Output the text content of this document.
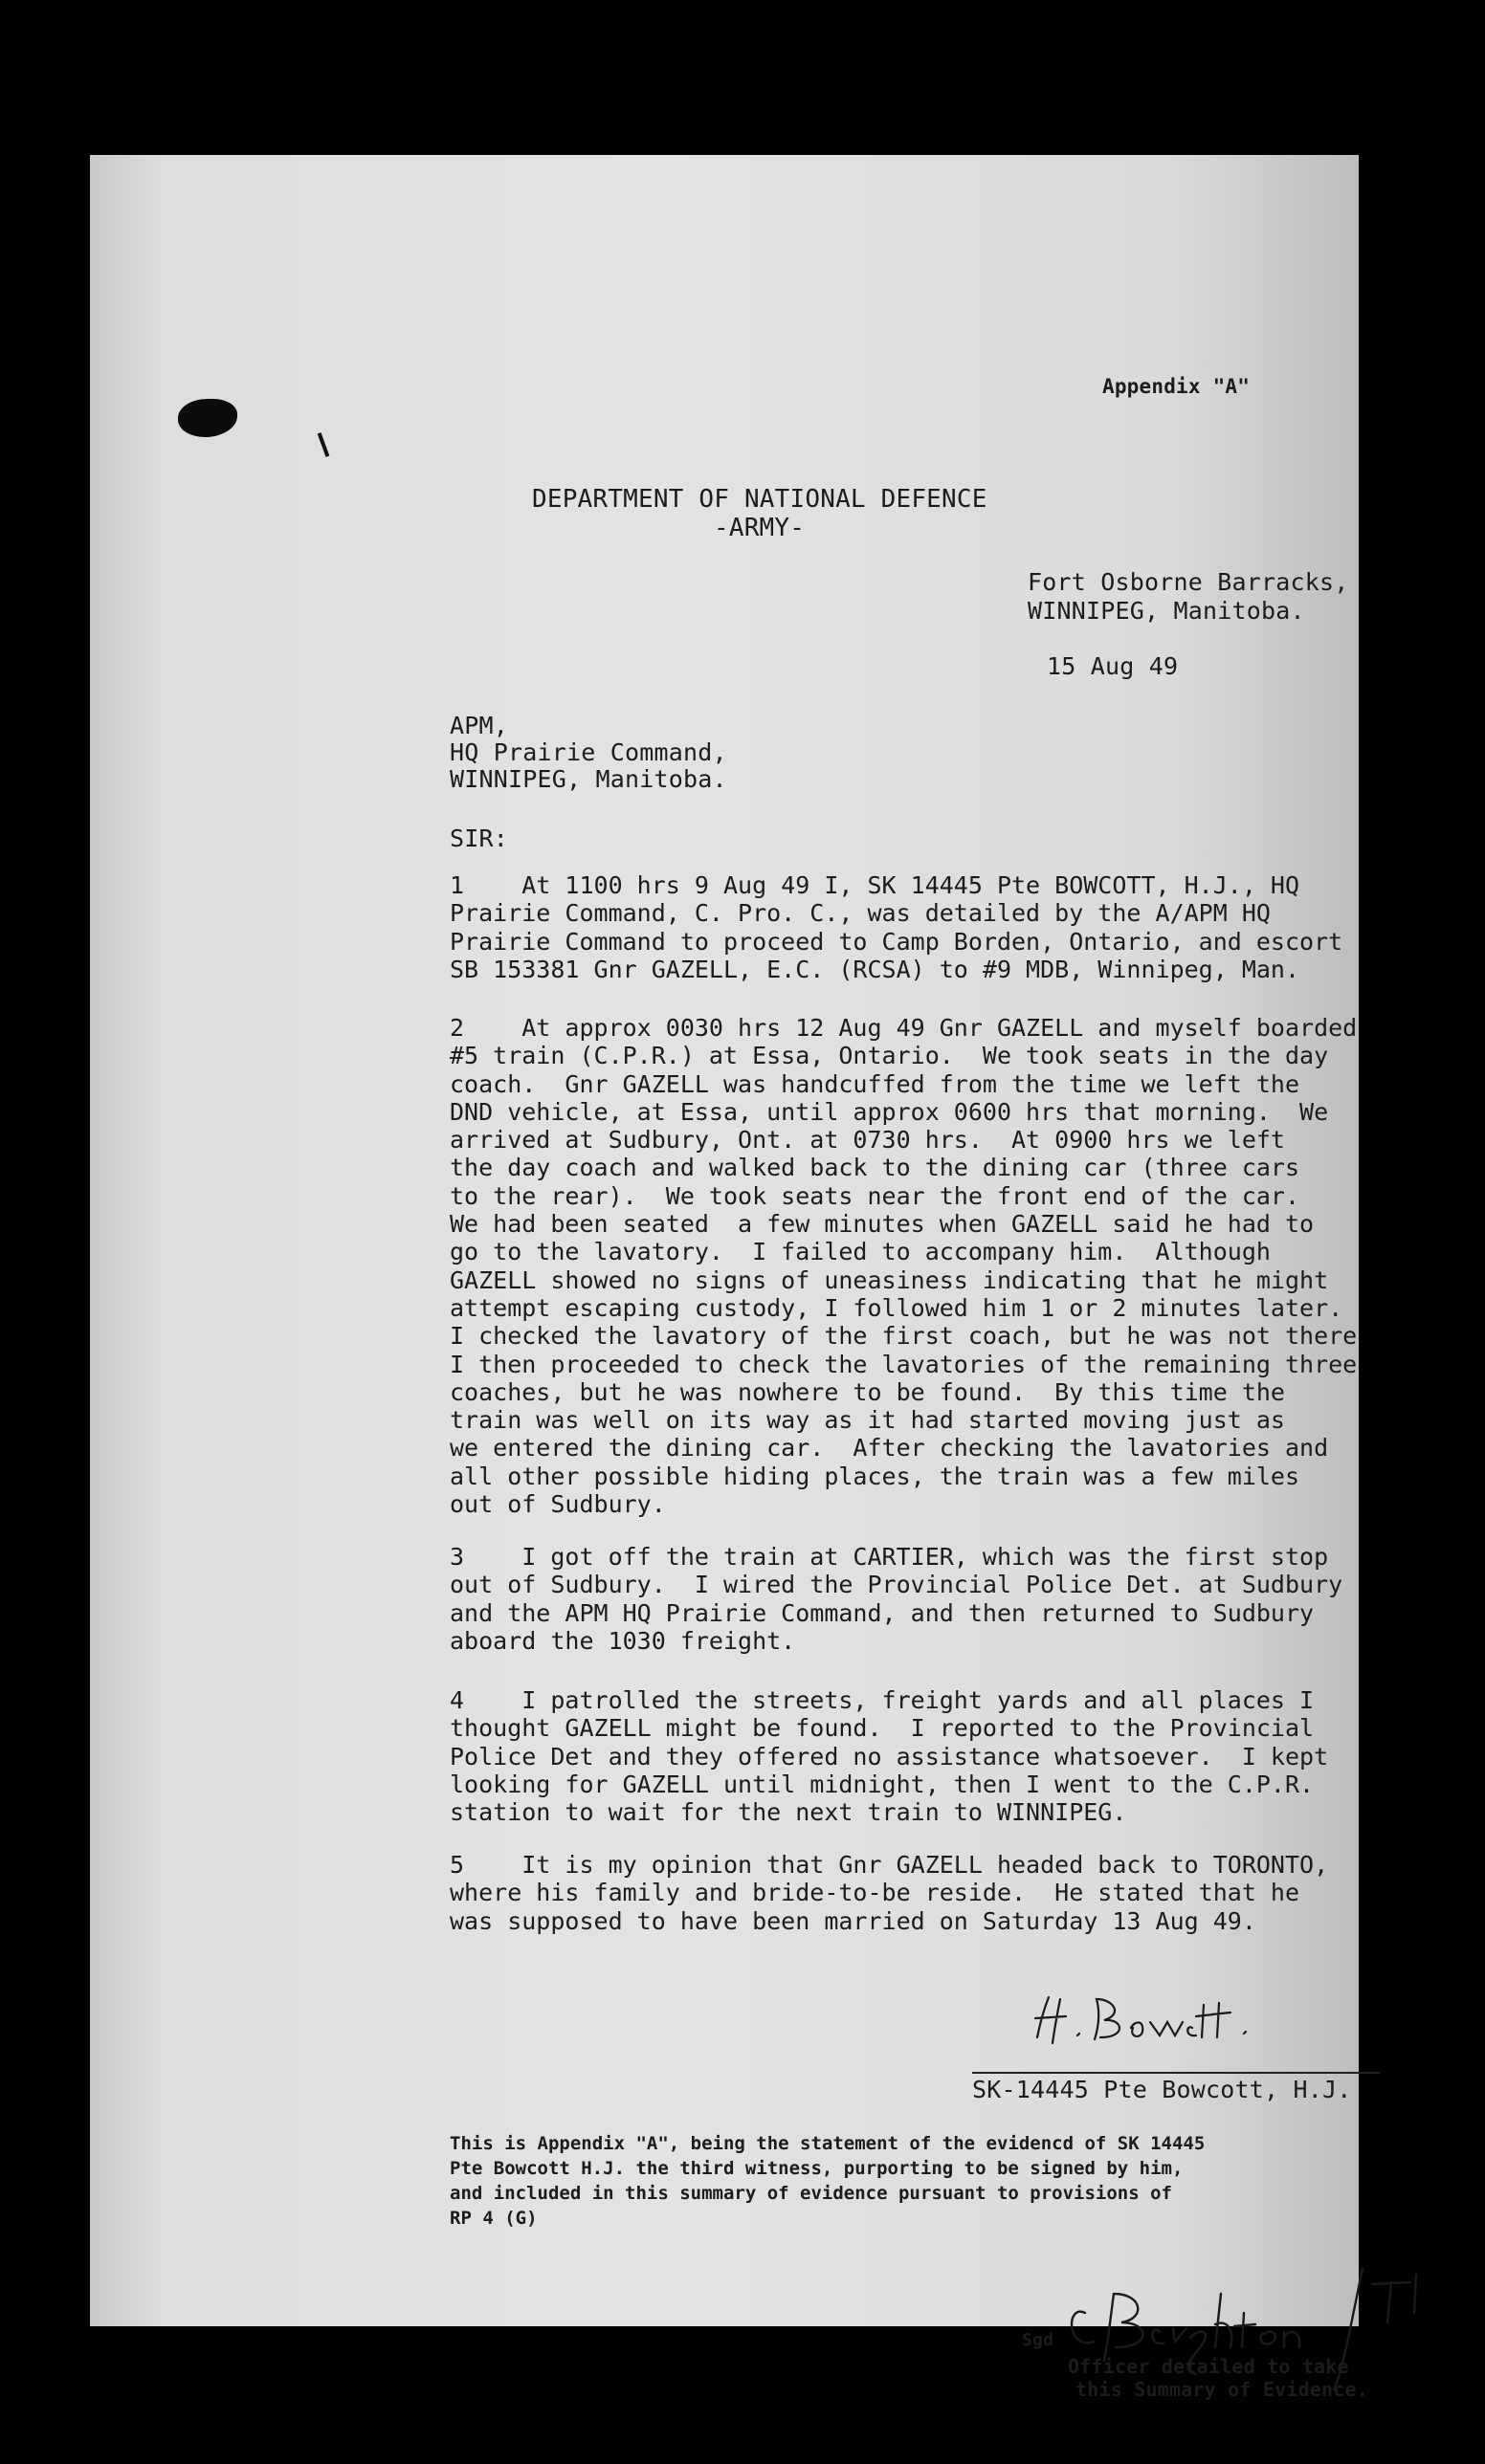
Appendix "A"
DEPARTMENT OF NATIONAL DEFENCE
-ARMY-
Fort Osborne Barracks,
WINNIPEG, Manitoba.
15 Aug 49
APM,
HQ Prairie Command,
WINNIPEG, Manitoba.
SIR:
1    At 1100 hrs 9 Aug 49 I, SK 14445 Pte BOWCOTT, H.J., HQ
Prairie Command, C. Pro. C., was detailed by the A/APM HQ
Prairie Command to proceed to Camp Borden, Ontario, and escort
SB 153381 Gnr GAZELL, E.C. (RCSA) to #9 MDB, Winnipeg, Man.
2    At approx 0030 hrs 12 Aug 49 Gnr GAZELL and myself boarded
#5 train (C.P.R.) at Essa, Ontario.  We took seats in the day
coach.  Gnr GAZELL was handcuffed from the time we left the
DND vehicle, at Essa, until approx 0600 hrs that morning.  We
arrived at Sudbury, Ont. at 0730 hrs.  At 0900 hrs we left
the day coach and walked back to the dining car (three cars
to the rear).  We took seats near the front end of the car.
We had been seated  a few minutes when GAZELL said he had to
go to the lavatory.  I failed to accompany him.  Although
GAZELL showed no signs of uneasiness indicating that he might
attempt escaping custody, I followed him 1 or 2 minutes later.
I checked the lavatory of the first coach, but he was not there
I then proceeded to check the lavatories of the remaining three
coaches, but he was nowhere to be found.  By this time the
train was well on its way as it had started moving just as
we entered the dining car.  After checking the lavatories and
all other possible hiding places, the train was a few miles
out of Sudbury.
3    I got off the train at CARTIER, which was the first stop
out of Sudbury.  I wired the Provincial Police Det. at Sudbury
and the APM HQ Prairie Command, and then returned to Sudbury
aboard the 1030 freight.
4    I patrolled the streets, freight yards and all places I
thought GAZELL might be found.  I reported to the Provincial
Police Det and they offered no assistance whatsoever.  I kept
looking for GAZELL until midnight, then I went to the C.P.R.
station to wait for the next train to WINNIPEG.
5    It is my opinion that Gnr GAZELL headed back to TORONTO,
where his family and bride-to-be reside.  He stated that he
was supposed to have been married on Saturday 13 Aug 49.
SK-14445 Pte Bowcott, H.J.
This is Appendix "A", being the statement of the evidencd of SK 14445
Pte Bowcott H.J. the third witness, purporting to be signed by him,
and included in this summary of evidence pursuant to provisions of
RP 4 (G)
Sgd
Officer detailed to take
this Summary of Evidence.
